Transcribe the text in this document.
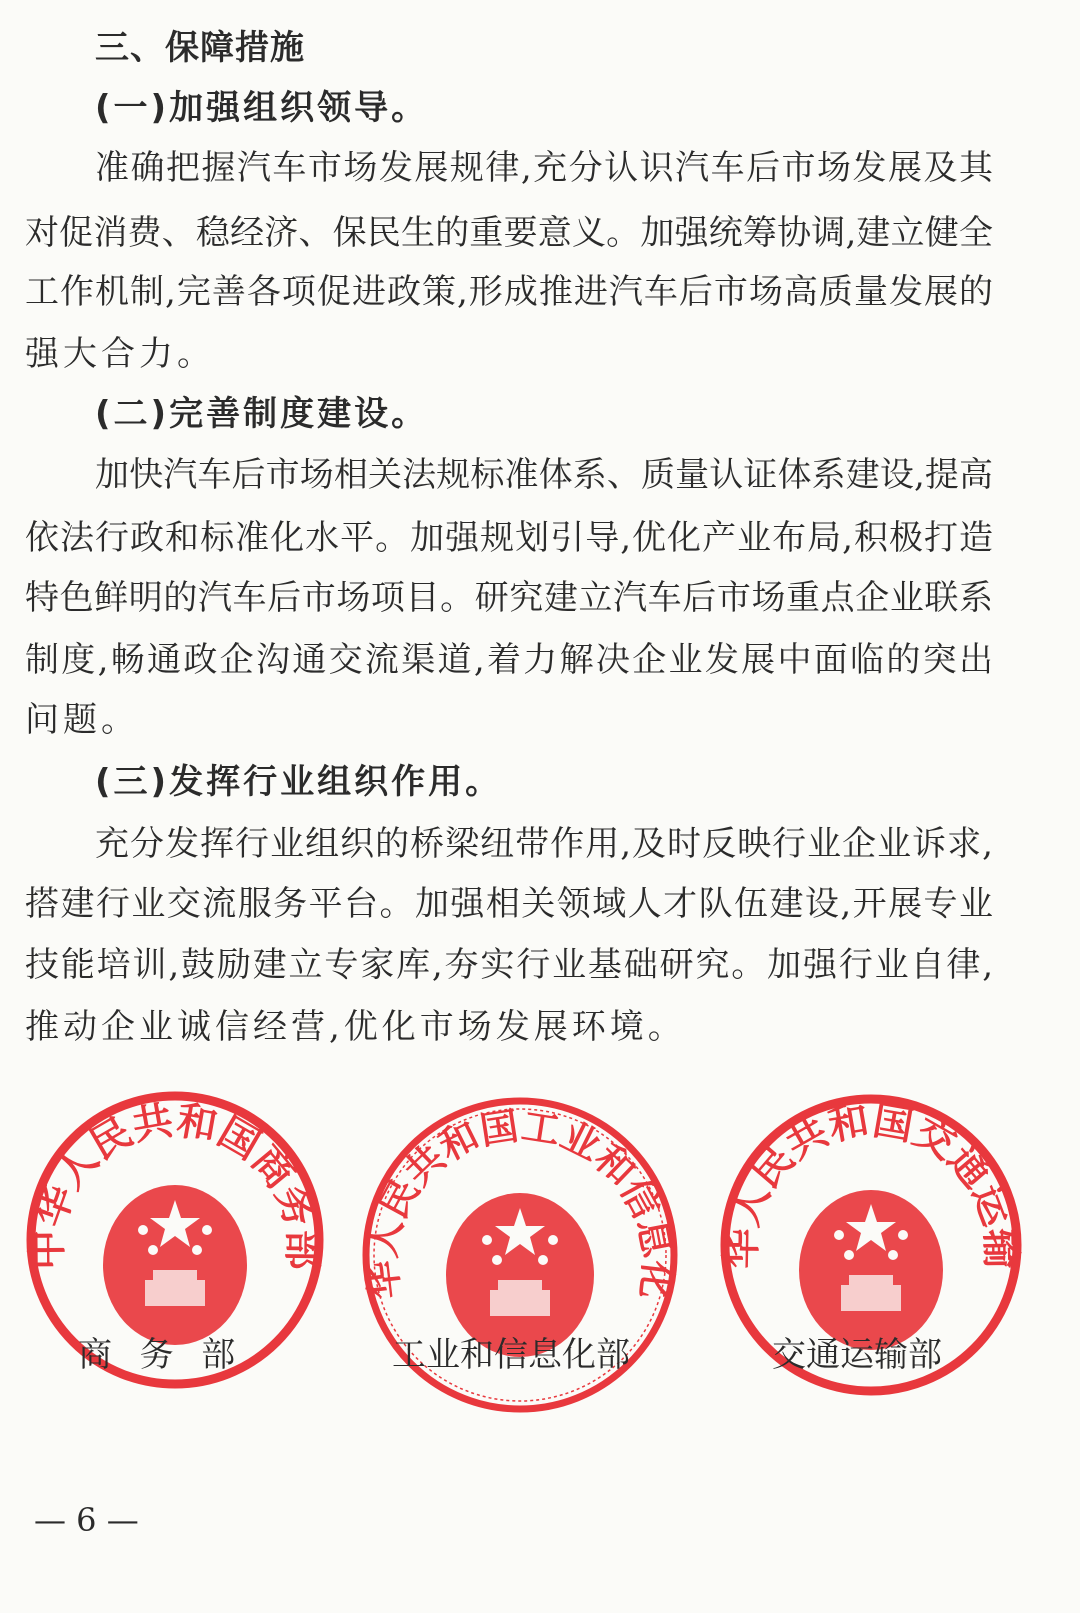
三、保障措施
(一)加强组织领导。
准确把握汽车市场发展规律,充分认识汽车后市场发展及其
对促消费、稳经济、保民生的重要意义。加强统筹协调,建立健全
工作机制,完善各项促进政策,形成推进汽车后市场高质量发展的
强大合力。
(二)完善制度建设。
加快汽车后市场相关法规标准体系、质量认证体系建设,提高
依法行政和标准化水平。加强规划引导,优化产业布局,积极打造
特色鲜明的汽车后市场项目。研究建立汽车后市场重点企业联系
制度,畅通政企沟通交流渠道,着力解决企业发展中面临的突出
问题。
(三)发挥行业组织作用。
充分发挥行业组织的桥梁纽带作用,及时反映行业企业诉求,
搭建行业交流服务平台。加强相关领域人才队伍建设,开展专业
技能培训,鼓励建立专家库,夯实行业基础研究。加强行业自律,
推动企业诚信经营,优化市场发展环境。
中华人民共和国商务部
商  务  部
华人民共和国工业和信息化
工业和信息化部
华人民共和国交通运输
交通运输部
— 6 —
